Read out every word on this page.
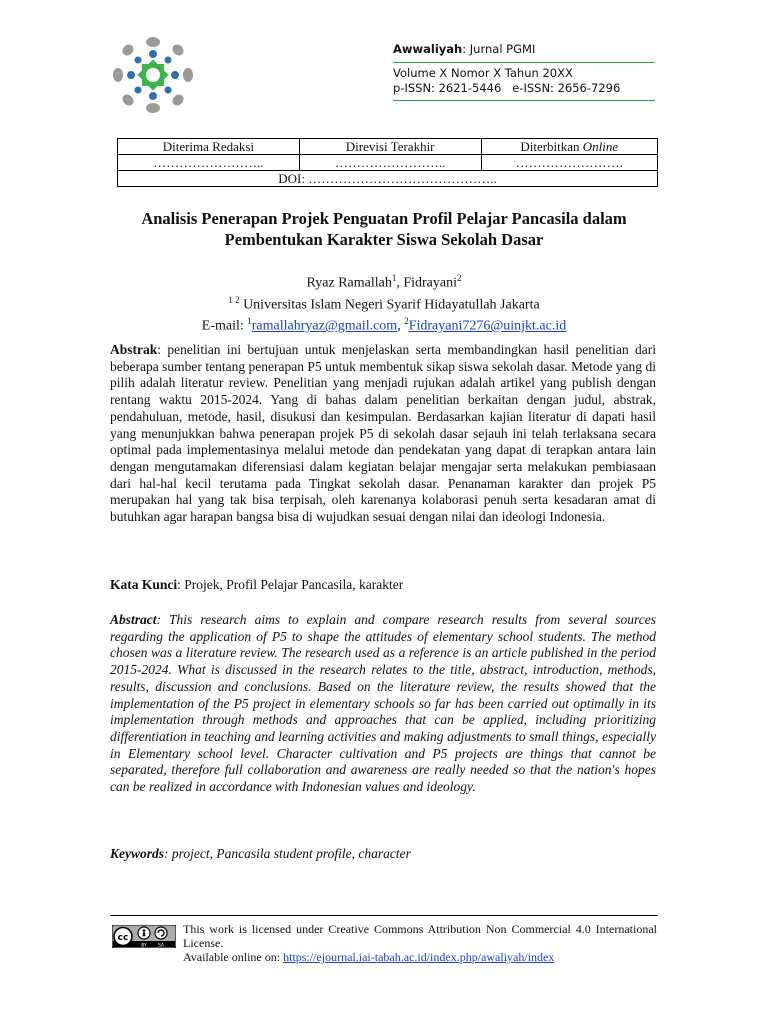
Awwaliyah: Jurnal PGMI
Volume X Nomor X Tahun 20XX
p-ISSN: 2621-5446   e-ISSN: 2656-7296
Diterima Redaksi	Direvisi Terakhir	Diterbitkan Online
……………………..	……………………..	…………………….
DOI: ……………………………………..		
Analisis Penerapan Projek Penguatan Profil Pelajar Pancasila dalam Pembentukan Karakter Siswa Sekolah Dasar
Ryaz Ramallah$^1$, Fidrayani$^2$
$^{1 2}$ Universitas Islam Negeri Syarif Hidayatullah Jakarta
E-mail: $^1$ramallahryaz@gmail.com, $^2$Fidrayani7276@uinjkt.ac.id
Abstrak: penelitian ini bertujuan untuk menjelaskan serta membandingkan hasil penelitian dari beberapa sumber tentang penerapan P5 untuk membentuk sikap siswa sekolah dasar. Metode yang di pilih adalah literatur review. Penelitian yang menjadi rujukan adalah artikel yang publish dengan rentang waktu 2015-2024. Yang di bahas dalam penelitian berkaitan dengan judul, abstrak, pendahuluan, metode, hasil, disukusi dan kesimpulan. Berdasarkan kajian literatur di dapati hasil yang menunjukkan bahwa penerapan projek P5 di sekolah dasar sejauh ini telah terlaksana secara optimal pada implementasinya melalui metode dan pendekatan yang dapat di terapkan antara lain dengan mengutamakan diferensiasi dalam kegiatan belajar mengajar serta melakukan pembiasaan dari hal-hal kecil terutama pada Tingkat sekolah dasar. Penanaman karakter dan projek P5 merupakan hal yang tak bisa terpisah, oleh karenanya kolaborasi penuh serta kesadaran amat di butuhkan agar harapan bangsa bisa di wujudkan sesuai dengan nilai dan ideologi Indonesia.
Kata Kunci: Projek, Profil Pelajar Pancasila, karakter
Abstract: This research aims to explain and compare research results from several sources regarding the application of P5 to shape the attitudes of elementary school students. The method chosen was a literature review. The research used as a reference is an article published in the period 2015-2024. What is discussed in the research relates to the title, abstract, introduction, methods, results, discussion and conclusions. Based on the literature review, the results showed that the implementation of the P5 project in elementary schools so far has been carried out optimally in its implementation through methods and approaches that can be applied, including prioritizing differentiation in teaching and learning activities and making adjustments to small things, especially in Elementary school level. Character cultivation and P5 projects are things that cannot be separated, therefore full collaboration and awareness are really needed so that the nation's hopes can be realized in accordance with Indonesian values and ideology.
Keywords: project, Pancasila student profile, character
cc
BY SA
This work is licensed under Creative Commons Attribution Non Commercial 4.0 International License.
Available online on: https://ejournal.iai-tabah.ac.id/index.php/awaliyah/index
